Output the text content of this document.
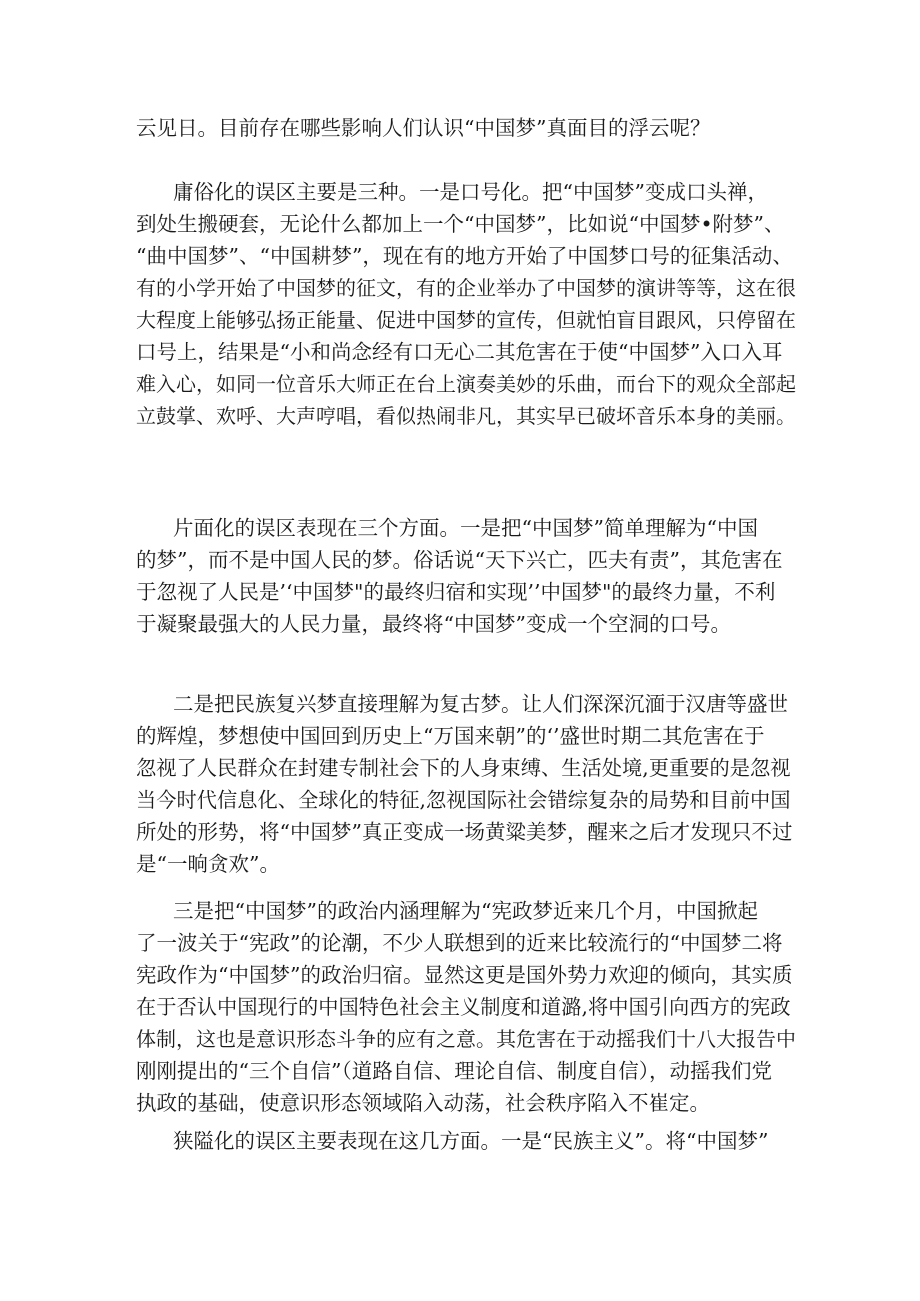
云见日。目前存在哪些影响人们认识“中国梦”真面目的浮云呢？

庸俗化的误区主要是三种。一是口号化。把“中国梦”变成口头禅，
到处生搬硬套，无论什么都加上一个“中国梦”，比如说“中国梦•附梦”、
“曲中国梦”、“中国耕梦”，现在有的地方开始了中国梦口号的征集活动、
有的小学开始了中国梦的征文，有的企业举办了中国梦的演讲等等，这在很
大程度上能够弘扬正能量、促进中国梦的宣传，但就怕盲目跟风，只停留在
口号上，结果是“小和尚念经有口无心二其危害在于使“中国梦”入口入耳
难入心，如同一位音乐大师正在台上演奏美妙的乐曲，而台下的观众全部起
立鼓掌、欢呼、大声哼唱，看似热闹非凡，其实早已破坏音乐本身的美丽。

片面化的误区表现在三个方面。一是把“中国梦”简单理解为“中国
的梦”，而不是中国人民的梦。俗话说“天下兴亡，匹夫有责”，其危害在
于忽视了人民是’‘中国梦"的最终归宿和实现’’中国梦"的最终力量，不利
于凝聚最强大的人民力量，最终将“中国梦”变成一个空洞的口号。

二是把民族复兴梦直接理解为复古梦。让人们深深沉湎于汉唐等盛世
的辉煌，梦想使中国回到历史上“万国来朝”的‘’盛世时期二其危害在于
忽视了人民群众在封建专制社会下的人身束缚、生活处境,更重要的是忽视
当今时代信息化、全球化的特征,忽视国际社会错综复杂的局势和目前中国
所处的形势，将“中国梦”真正变成一场黄粱美梦，醒来之后才发现只不过
是“一晌贪欢”。

三是把“中国梦”的政治内涵理解为“宪政梦近来几个月，中国掀起
了一波关于“宪政”的论潮，不少人联想到的近来比较流行的“中国梦二将
宪政作为“中国梦”的政治归宿。显然这更是国外势力欢迎的倾向，其实质
在于否认中国现行的中国特色社会主义制度和道潞,将中国引向西方的宪政
体制，这也是意识形态斗争的应有之意。其危害在于动摇我们十八大报告中
刚刚提出的“三个自信”（道路自信、理论自信、制度自信），动摇我们党
执政的基础，使意识形态领域陷入动荡，社会秩序陷入不崔定。

狭隘化的误区主要表现在这几方面。一是“民族主义”。将“中国梦”
